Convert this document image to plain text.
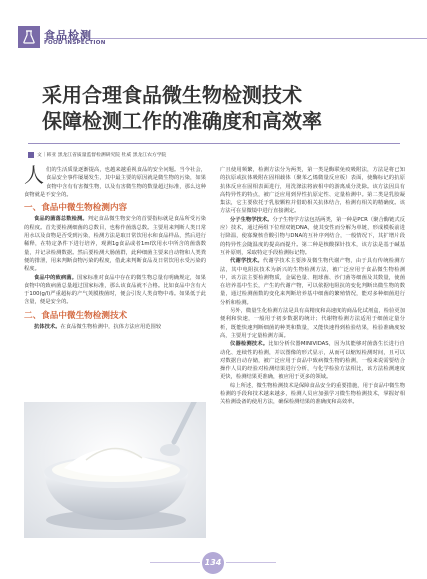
食品检测
FOOD INSPECTION
采用合理食品微生物检测技术
保障检测工作的准确度和高效率
文｜韩亚 黑龙江省质量监督检测研究院 牡威 黑龙江农方学院

人们的生活质量逐渐提高，也越来越重视食品的安全问题。当今社会，食品安全事件屡屡发生，其中最主要的原因就是微生物的污染，如果食物中含有有害微生物，以及有害微生物的数量超过标准，那么这种食物就是不安全的。

一、食品中微生物检测内容

食品的菌落总数检测。判定食品微生物安全的首要指标就是食品所受污染的程度。首先要检测细菌的总数目，也称作菌落总数。主要用来判断人类日常用水以及食物是否受到污染，检测方法是取日常饮用水和食品样品，然后进行稀释，在特定条件下进行培养，观测1g食品或者1ml饮用水中所含的菌落数量，并记录检测数据。然后要检测大肠菌群，此种细菌主要来自动物和人类粪便的排泄，用来判断食物污染的程度，借此来判断食品及日常饮用水受污染的程度。

食品中的致病菌。国家标准对食品中存在的微生物总量有明确规定，如果食物中的致病菌总量超过国家标准，那么该食品就不合格。比如食品中含有大于100(g/l)严重超标的产气荚膜梭菌时，便会引发人类食物中毒。如果低于此含量，便是安全的。

二、食品中微生物检测技术

抗体技术。在食品微生物检测中，抗体方法应用范围较

广且使用频繁，检测方法分为两类，第一类是酶联免疫吸附法，方法是将已知的抗原或抗体吸附在固相载体（聚苯乙烯微量反应板）表面，使酶标记的抗原抗体反应在固相表面进行，用洗涤法将液相中的游离成分洗除。该方法因具有高特异性的特点，被广泛应用到异性抗原定性、定量检测中。第二类是乳胶凝集法，它主要依托于乳胶颗粒并借助相关抗体结合，检测有相关的精确度。该方法可在显微镜中进行直接测定。

分子生物学技术。分子生物学方法包括两类，第一种是PCR（聚合酶链式反应）技术，通过两组下位理双链DNA，使其变性而分解为单链，形成模板前进行降温，使寡聚核苷酸引物与DNA的互补序列结合，一般情况下，其扩增片段的特异性会随温度的提高而提升。第二种是核酸探针技术，该方法是基于碱基互补原则，采取特定手段检测标记物。

代谢学技术。代谢学技术主要涉及微生物代谢产物，由于具有传统检测方法，其中电阻抗技术为新兴的生物检测方法，被广泛应用于食品微生物检测中，该方法主要检测物质，金属色量、粗球菌、沙门菌等细菌及其数量，使菌在培养基中生长，产生的代谢产物，可以依据电阻抗的变化判断出微生物的数量，通过检测菌数的变化来判断培养基中细菌的繁殖情况，能对多种细菌进行分析和检测。

另外，微量生化检测方法是具有高精度和高速度的商品化试剂盒，检验更加便利和快速，一般用于初步数据的统计；代谢物检测方法适用于细菌定量分析，既能快速判断细菌的种类和数量，又能快速得到检验结果，检验准确度较高，主要用于定量检测方面。

仪器检测技术。比如分析仪器MINIVIDAS，因为其能够对菌落生长进行自动化、连续性的检测，并以图像的形式显示，从而可以缩短检测时间，且可以对数据自动存储，被广泛应用于食品中致病微生物的检测，一般来说需要结合操作人员的经验对检测结果进行分析，与化学检验方法相比，该方法检测速度更快，检测结果更准确，被应用于更多的领域。

综上所述，微生物检测技术是保障食品安全的重要措施，用于食品中微生物检测的手段和技术越来越多，检测人员应加强学习微生物检测技术，掌握好相关检测设备的使用方法，确保检测结果的准确度和高效率。

134
